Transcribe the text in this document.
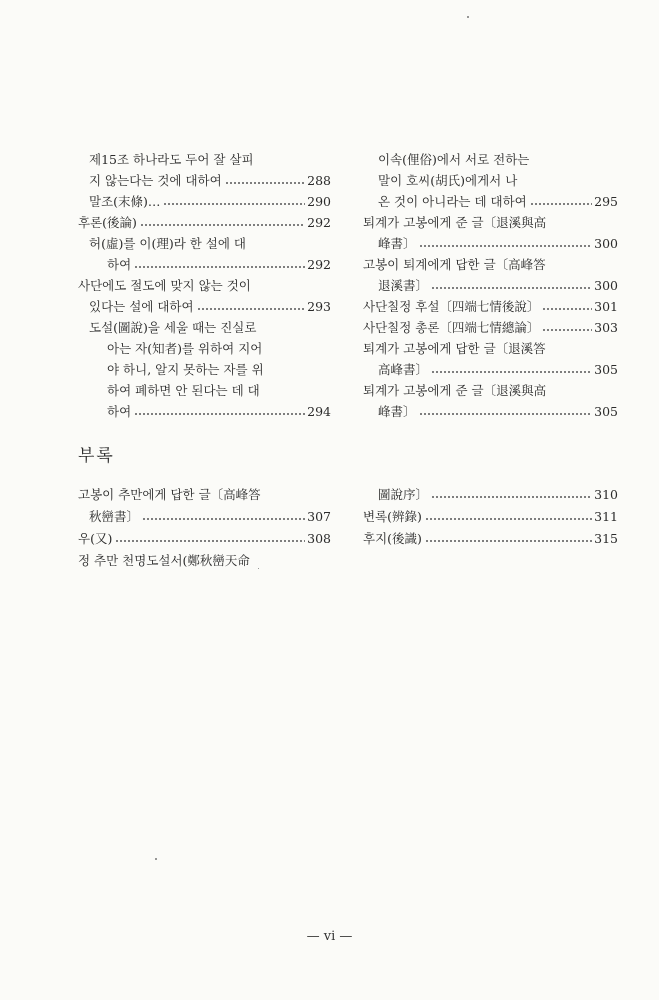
제15조 하나라도 두어 잘 살피
지 않는다는 것에 대하여	288
말조(末條)…	290
후론(後論)	292
허(虛)를 이(理)라 한 설에 대
하여	292
사단에도 절도에 맞지 않는 것이
있다는 설에 대하여	293
도설(圖說)을 세울 때는 진실로
아는 자(知者)를 위하여 지어
야 하니, 알지 못하는 자를 위
하여 폐하면 안 된다는 데 대
하여	294
이속(俚俗)에서 서로 전하는
말이 호씨(胡氏)에게서 나
온 것이 아니라는 데 대하여	295
퇴계가 고봉에게 준 글〔退溪與高
峰書〕	300
고봉이 퇴계에게 답한 글〔高峰答
退溪書〕	300
사단칠정 후설〔四端七情後說〕	301
사단칠정 총론〔四端七情總論〕	303
퇴계가 고봉에게 답한 글〔退溪答
高峰書〕	305
퇴계가 고봉에게 준 글〔退溪與高
峰書〕	305
부록
고봉이 추만에게 답한 글〔高峰答
秋巒書〕	307
우(又)	308
정 추만 천명도설서(鄭秋巒天命
圖說序〕	310
변록(辨錄)	311
후지(後識)	315
— vi —
